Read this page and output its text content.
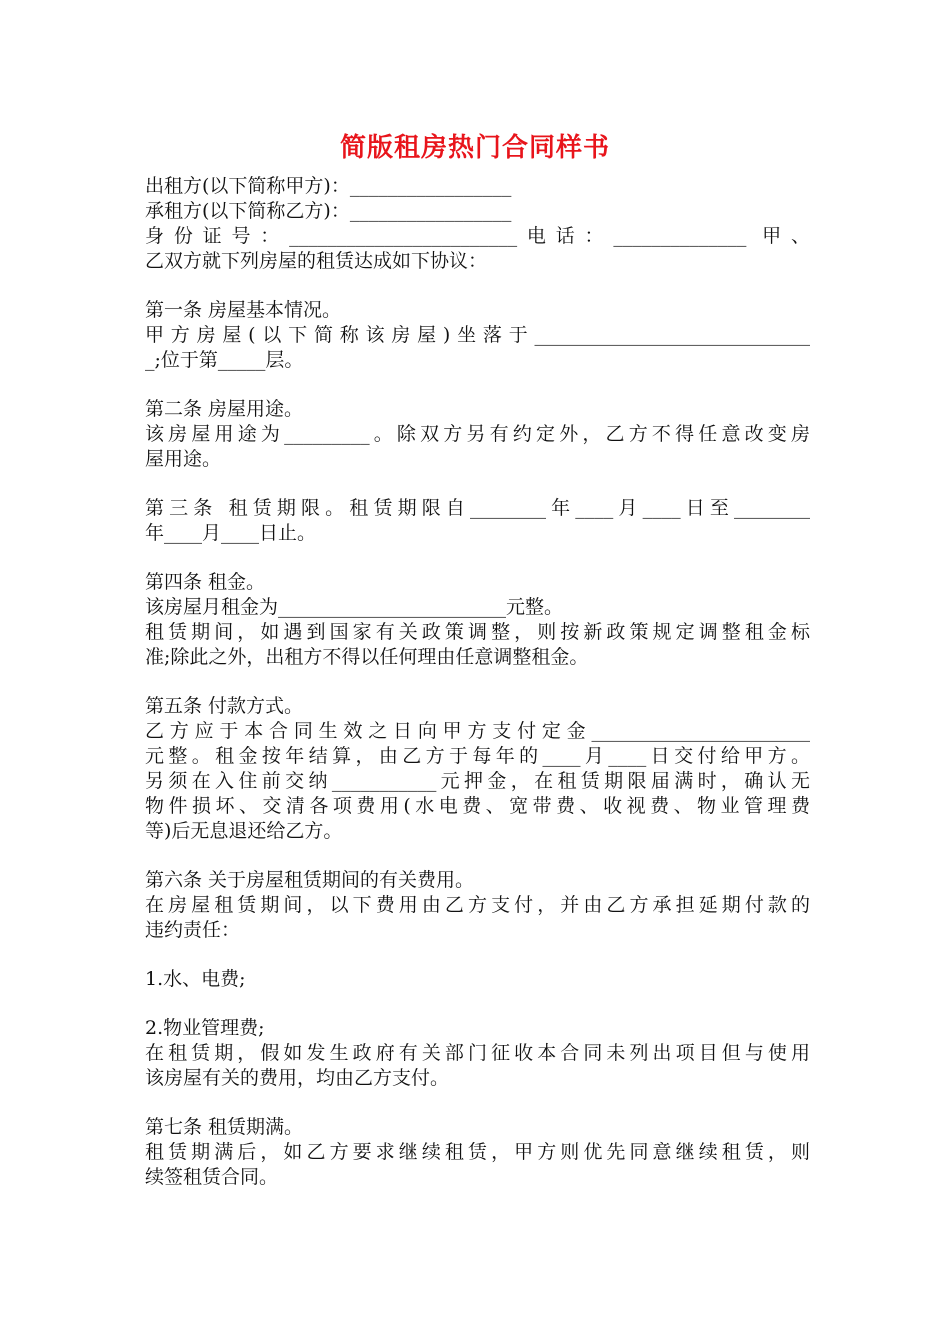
简版租房热门合同样书
出租方(以下简称甲方)：_________________
承租方(以下简称乙方)：_________________
身份证号：________________________电话：______________ 甲、
乙双方就下列房屋的租赁达成如下协议：
第一条 房屋基本情况。
甲方房屋(以下简称该房屋)坐落于_____________________________
_;位于第_____层。
第二条 房屋用途。
该房屋用途为_________。除双方另有约定外，乙方不得任意改变房
屋用途。
第三条 租赁期限。租赁期限自________年____月____日至________
年____月____日止。
第四条 租金。
该房屋月租金为________________________元整。
租赁期间，如遇到国家有关政策调整，则按新政策规定调整租金标
准;除此之外，出租方不得以任何理由任意调整租金。
第五条 付款方式。
乙方应于本合同生效之日向甲方支付定金_______________________
元整。租金按年结算，由乙方于每年的____月____日交付给甲方。
另须在入住前交纳___________元押金，在租赁期限届满时，确认无
物件损坏、交清各项费用(水电费、宽带费、收视费、物业管理费
等)后无息退还给乙方。
第六条 关于房屋租赁期间的有关费用。
在房屋租赁期间，以下费用由乙方支付，并由乙方承担延期付款的
违约责任：
1.水、电费;
2.物业管理费;
在租赁期，假如发生政府有关部门征收本合同未列出项目但与使用
该房屋有关的费用，均由乙方支付。
第七条 租赁期满。
租赁期满后，如乙方要求继续租赁，甲方则优先同意继续租赁，则
续签租赁合同。
